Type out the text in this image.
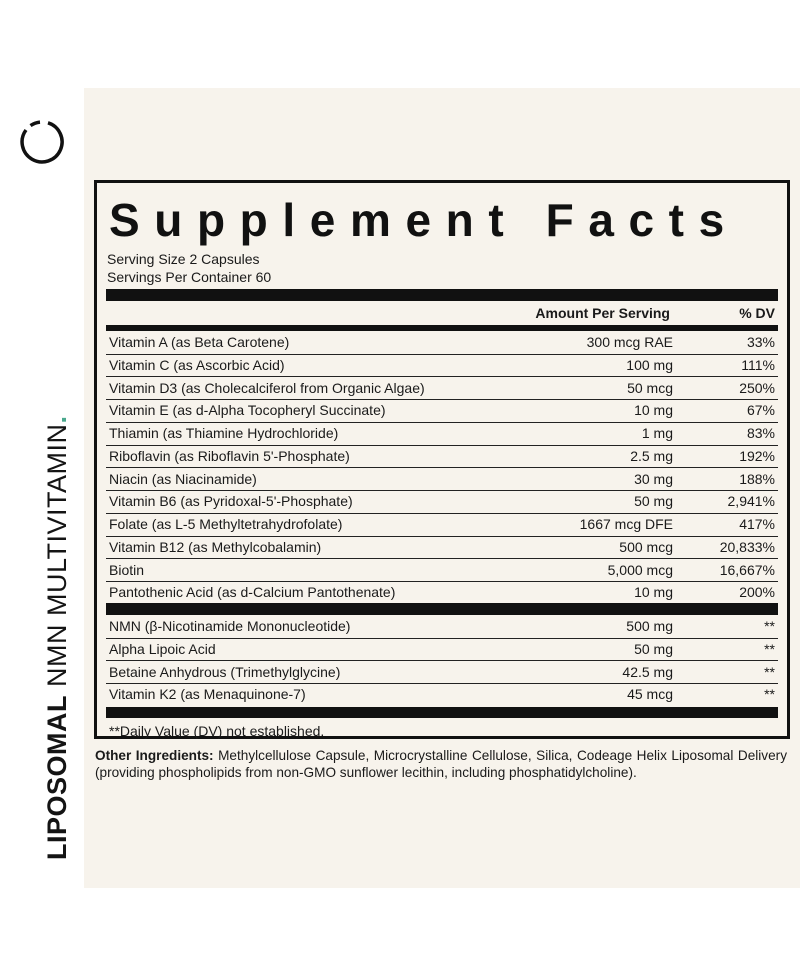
LIPOSOMAL NMN MULTIVITAMIN.
Supplement Facts
Serving Size 2 Capsules
Servings Per Container 60
Amount Per Serving	% DV
Vitamin A (as Beta Carotene)	300 mcg RAE	33%
Vitamin C (as Ascorbic Acid)	100 mg	111%
Vitamin D3 (as Cholecalciferol from Organic Algae)	50 mcg	250%
Vitamin E (as d-Alpha Tocopheryl Succinate)	10 mg	67%
Thiamin (as Thiamine Hydrochloride)	1 mg	83%
Riboflavin (as Riboflavin 5'-Phosphate)	2.5 mg	192%
Niacin (as Niacinamide)	30 mg	188%
Vitamin B6 (as Pyridoxal-5'-Phosphate)	50 mg	2,941%
Folate (as L-5 Methyltetrahydrofolate)	1667 mcg DFE	417%
Vitamin B12 (as Methylcobalamin)	500 mcg	20,833%
Biotin	5,000 mcg	16,667%
Pantothenic Acid (as d-Calcium Pantothenate)	10 mg	200%
NMN (β-Nicotinamide Mononucleotide)	500 mg	**
Alpha Lipoic Acid	50 mg	**
Betaine Anhydrous (Trimethylglycine)	42.5 mg	**
Vitamin K2 (as Menaquinone-7)	45 mcg	**
**Daily Value (DV) not established.
Other Ingredients: Methylcellulose Capsule, Microcrystalline Cellulose, Silica, Codeage Helix Liposomal Delivery (providing phospholipids from non-GMO sunflower lecithin, including phosphatidylcholine).
